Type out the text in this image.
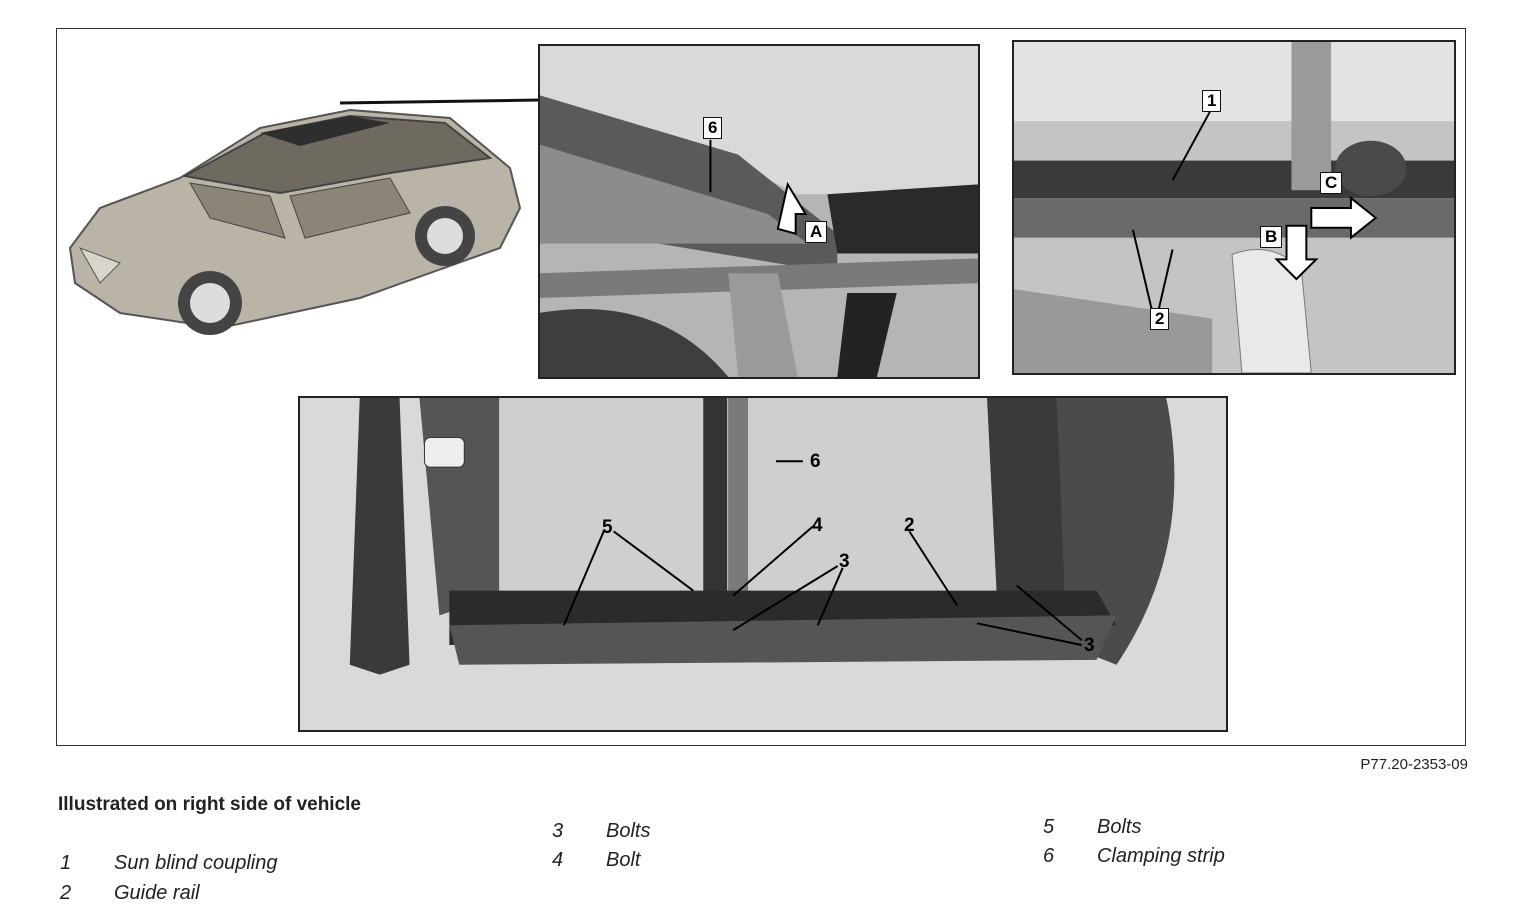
6
A
1
2
B
C
6
5	4
3
2
3
P77.20-2353-09
Illustrated on right side of vehicle
1 Sun blind coupling
2 Guide rail
3 Bolts
4 Bolt
5 Bolts
6 Clamping strip
